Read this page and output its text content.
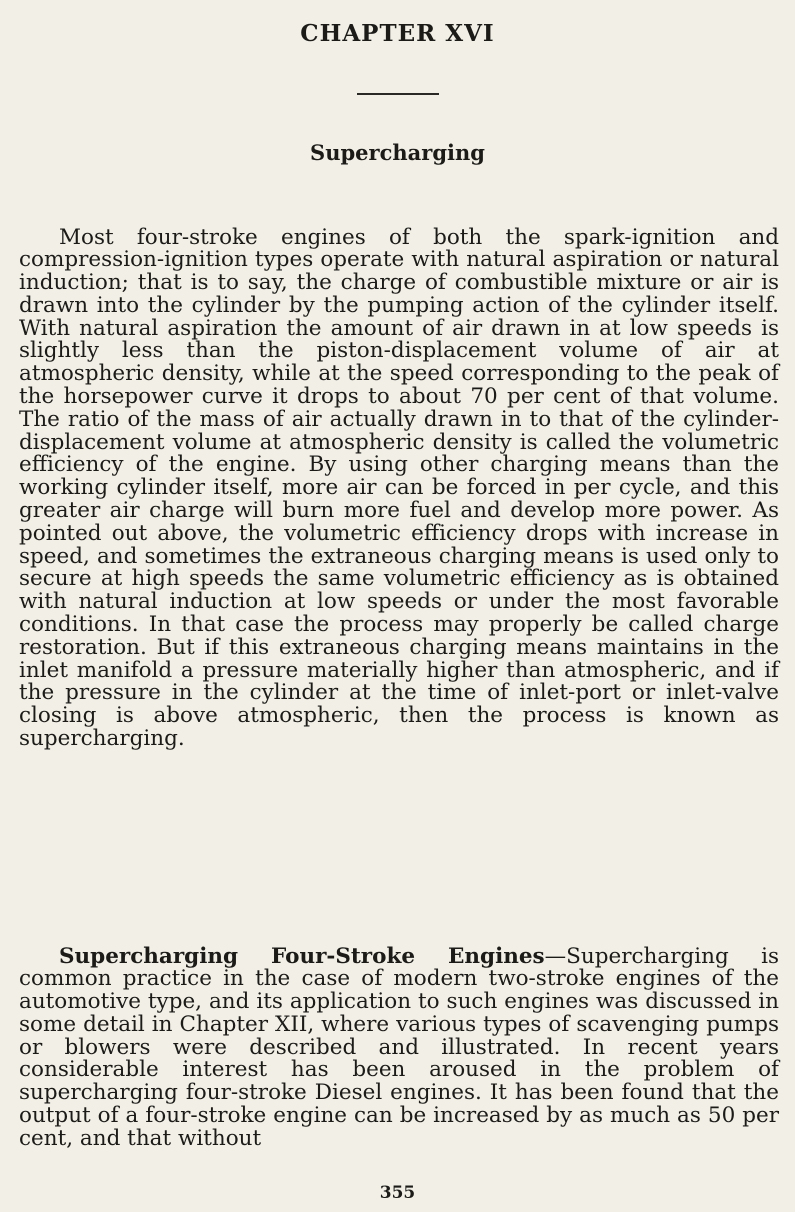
CHAPTER XVI
Supercharging

Most four-stroke engines of both the spark-ignition and compression-ignition types operate with natural aspiration or natural induction; that is to say, the charge of combustible mixture or air is drawn into the cylinder by the pumping action of the cylinder itself. With natural aspiration the amount of air drawn in at low speeds is slightly less than the piston-displacement volume of air at atmospheric density, while at the speed corresponding to the peak of the horsepower curve it drops to about 70 per cent of that volume. The ratio of the mass of air actually drawn in to that of the cylinder-displacement volume at atmospheric density is called the volumetric efficiency of the engine. By using other charging means than the working cylinder itself, more air can be forced in per cycle, and this greater air charge will burn more fuel and develop more power. As pointed out above, the volumetric efficiency drops with increase in speed, and sometimes the extraneous charging means is used only to secure at high speeds the same volumetric efficiency as is obtained with natural induction at low speeds or under the most favorable conditions. In that case the process may properly be called charge restoration. But if this extraneous charging means maintains in the inlet manifold a pressure materially higher than atmospheric, and if the pressure in the cylinder at the time of inlet-port or inlet-valve closing is above atmospheric, then the process is known as supercharging.

Supercharging Four-Stroke Engines—Supercharging is common practice in the case of modern two-stroke engines of the automotive type, and its application to such engines was discussed in some detail in Chapter XII, where various types of scavenging pumps or blowers were described and illustrated. In recent years considerable interest has been aroused in the problem of supercharging four-stroke Diesel engines. It has been found that the output of a four-stroke engine can be increased by as much as 50 per cent, and that without

355
